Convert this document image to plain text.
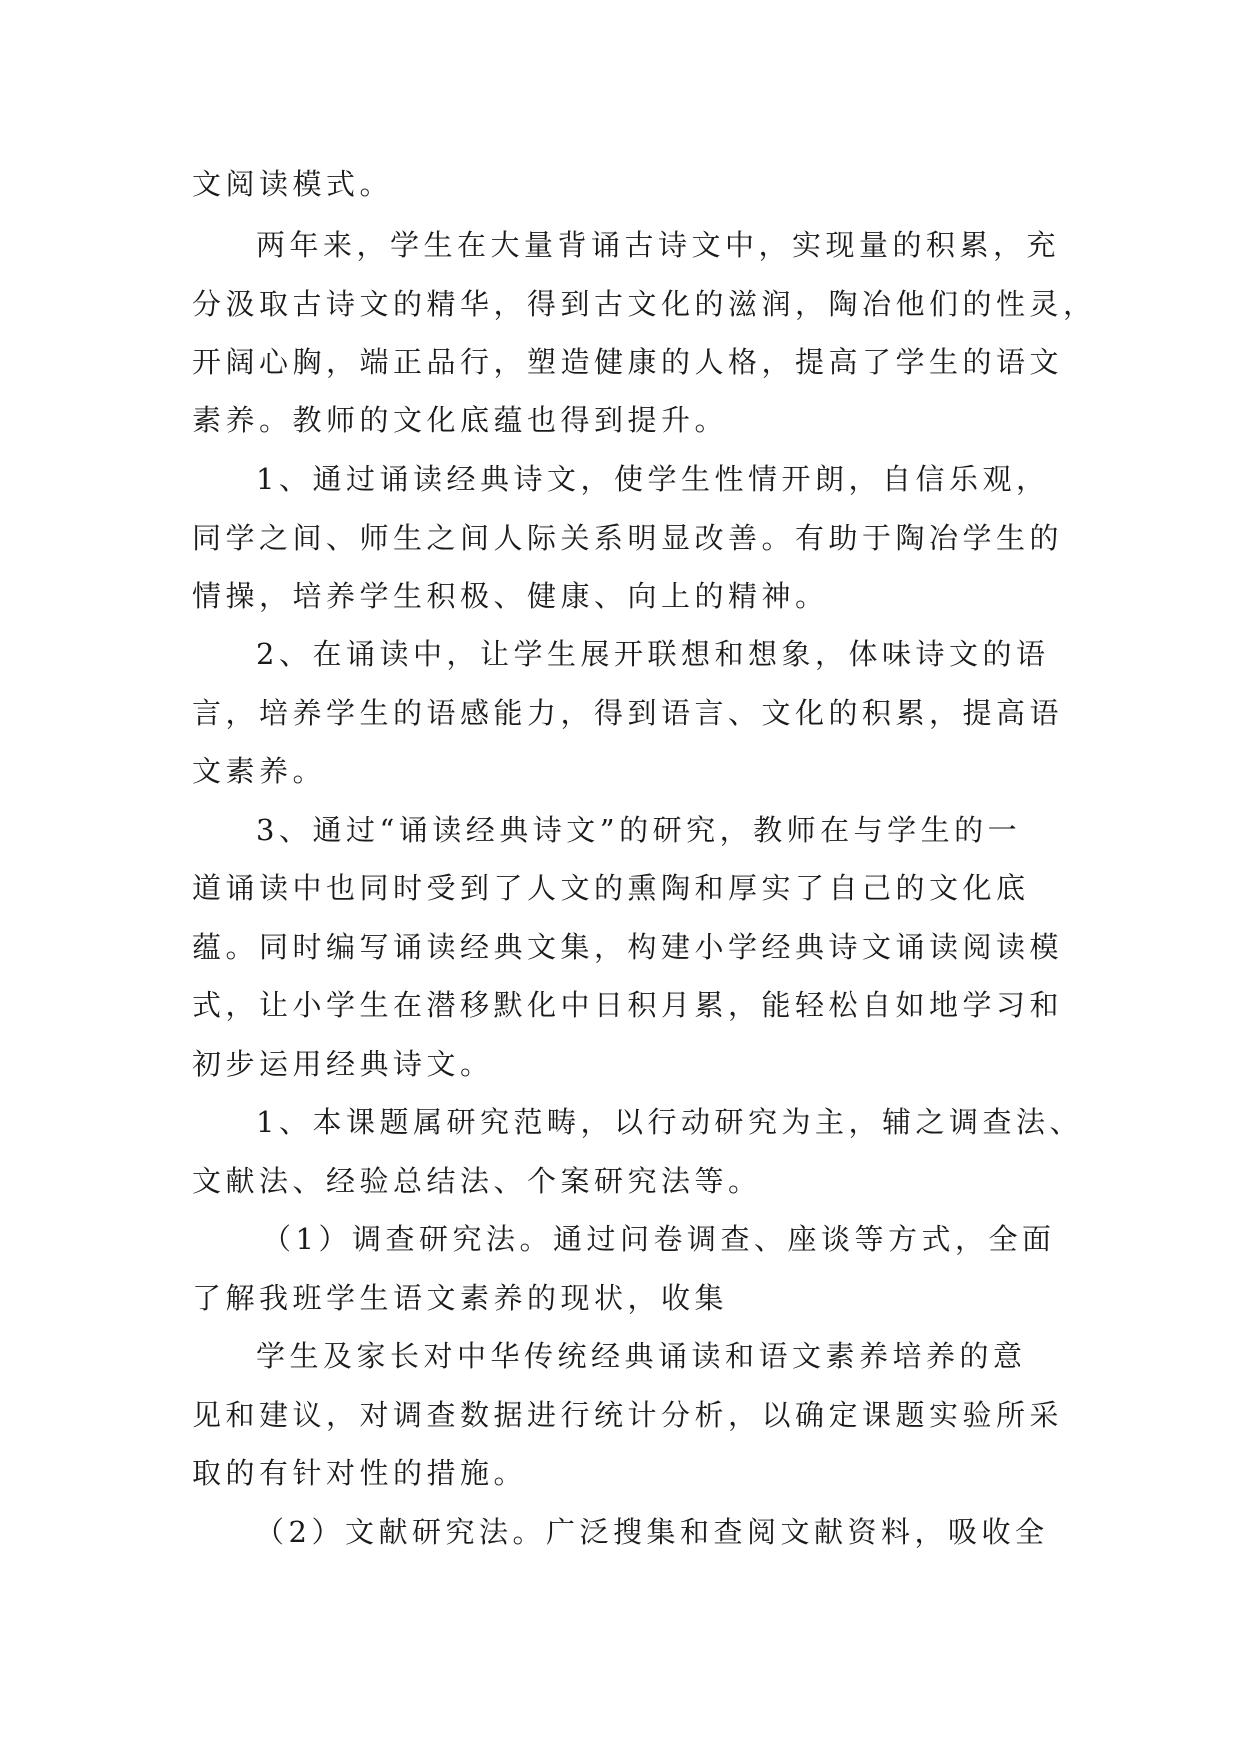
文阅读模式。

两年来，学生在大量背诵古诗文中，实现量的积累，充

分汲取古诗文的精华，得到古文化的滋润，陶冶他们的性灵，

开阔心胸，端正品行，塑造健康的人格，提高了学生的语文

素养。教师的文化底蕴也得到提升。

1、通过诵读经典诗文，使学生性情开朗，自信乐观，

同学之间、师生之间人际关系明显改善。有助于陶冶学生的

情操，培养学生积极、健康、向上的精神。

2、在诵读中，让学生展开联想和想象，体味诗文的语

言，培养学生的语感能力，得到语言、文化的积累，提高语

文素养。

3、通过“诵读经典诗文”的研究，教师在与学生的一

道诵读中也同时受到了人文的熏陶和厚实了自己的文化底

蕴。同时编写诵读经典文集，构建小学经典诗文诵读阅读模

式，让小学生在潜移默化中日积月累，能轻松自如地学习和

初步运用经典诗文。

1、本课题属研究范畴，以行动研究为主，辅之调查法、

文献法、经验总结法、个案研究法等。

（1）调查研究法。通过问卷调查、座谈等方式，全面

了解我班学生语文素养的现状，收集

学生及家长对中华传统经典诵读和语文素养培养的意

见和建议，对调查数据进行统计分析，以确定课题实验所采

取的有针对性的措施。

（2）文献研究法。广泛搜集和查阅文献资料，吸收全
